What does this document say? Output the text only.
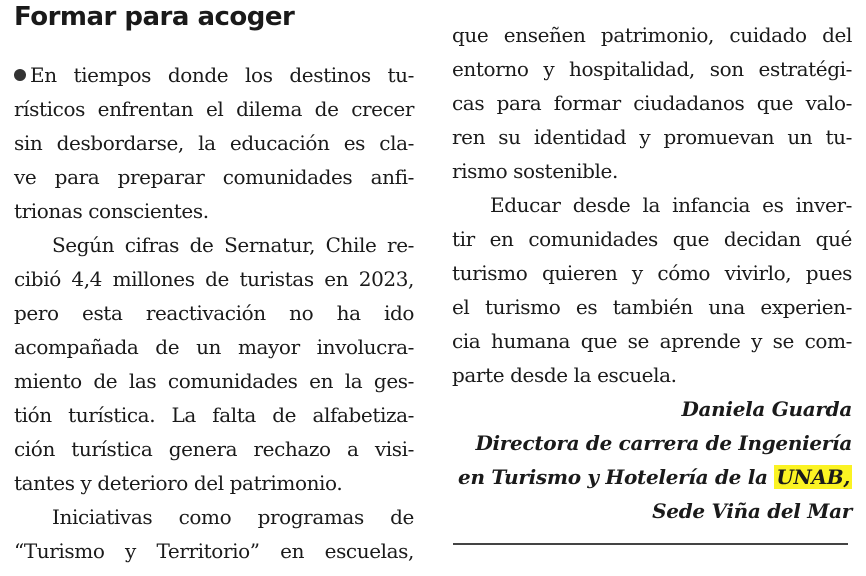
Formar para acoger
En tiempos donde los destinos tu-
rísticos enfrentan el dilema de crecer
sin desbordarse, la educación es cla-
ve para preparar comunidades anfi-
trionas conscientes.
Según cifras de Sernatur, Chile re-
cibió 4,4 millones de turistas en 2023,
pero esta reactivación no ha ido
acompañada de un mayor involucra-
miento de las comunidades en la ges-
tión turística. La falta de alfabetiza-
ción turística genera rechazo a visi-
tantes y deterioro del patrimonio.
Iniciativas como programas de
“Turismo y Territorio” en escuelas,
que enseñen patrimonio, cuidado del
entorno y hospitalidad, son estratégi-
cas para formar ciudadanos que valo-
ren su identidad y promuevan un tu-
rismo sostenible.
Educar desde la infancia es inver-
tir en comunidades que decidan qué
turismo quieren y cómo vivirlo, pues
el turismo es también una experien-
cia humana que se aprende y se com-
parte desde la escuela.
Daniela Guarda
Directora de carrera de Ingeniería
en Turismo y Hotelería de la UNAB,
Sede Viña del Mar
